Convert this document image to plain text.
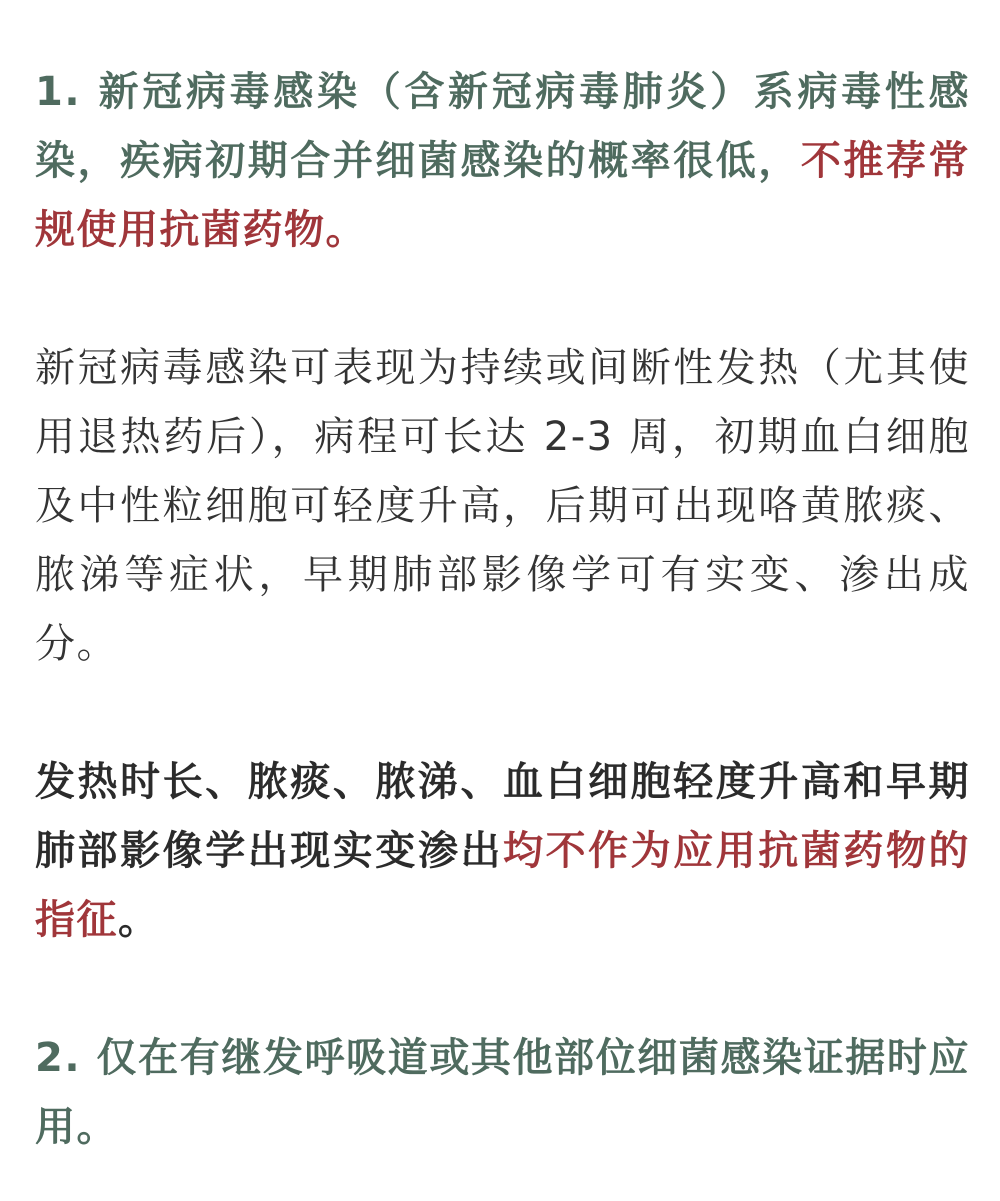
1. 新冠病毒感染（含新冠病毒肺炎）系病毒性感染，疾病初期合并细菌感染的概率很低，不推荐常规使用抗菌药物。

新冠病毒感染可表现为持续或间断性发热（尤其使用退热药后），病程可长达 2-3 周，初期血白细胞及中性粒细胞可轻度升高，后期可出现咯黄脓痰、脓涕等症状，早期肺部影像学可有实变、渗出成分。

发热时长、脓痰、脓涕、血白细胞轻度升高和早期肺部影像学出现实变渗出均不作为应用抗菌药物的指征。

2. 仅在有继发呼吸道或其他部位细菌感染证据时应用。
